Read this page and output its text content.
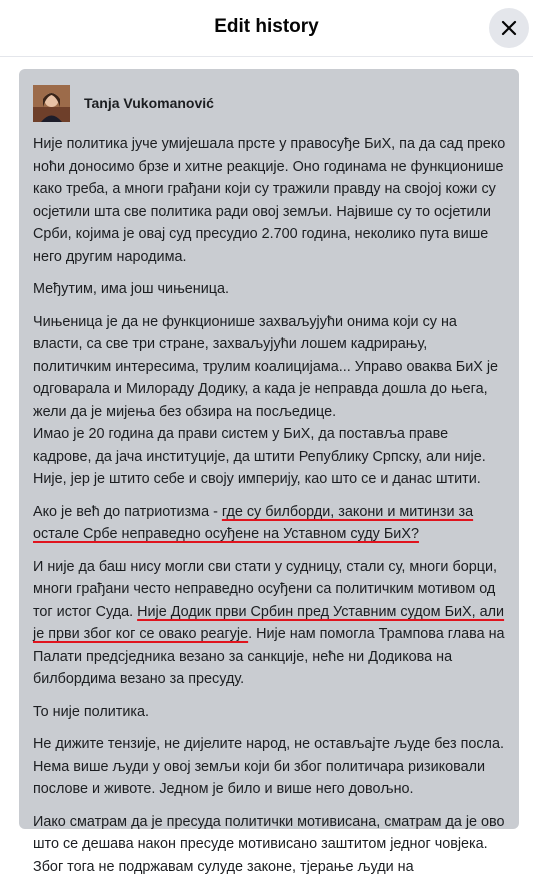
Edit history
Tanja Vukomanović

Није политика јуче умијешала прсте у правосуђе БиХ, па да сад преко ноћи доносимо брзе и хитне реакције. Оно годинама не функционише како треба, а многи грађани који су тражили правду на својој кожи су осјетили шта све политика ради овој земљи. Највише су то осјетили Срби, којима је овај суд пресудио 2.700 година, неколико пута више него другим народима.

Међутим, има још чињеница.

Чињеница је да не функционише захваљујући онима који су на власти, са све три стране, захваљујући лошем кадрирању, политичким интересима, трулим коалицијама... Управо оваква БиХ је одговарала и Милораду Додику, а када је неправда дошла до њега, жели да је мијења без обзира на посљедице.
Имао је 20 година да прави систем у БиХ, да поставља праве кадрове, да јача институције, да штити Републику Српску, али није. Није, јер је штито себе и своју империју, као што се и данас штити.

Ако је већ до патриотизма - где су билборди, закони и митинзи за остале Србе неправедно осуђене на Уставном суду БиХ?

И није да баш нису могли сви стати у судницу, стали су, многи борци, многи грађани често неправедно осуђени са политичким мотивом од тог истог Суда. Није Додик први Србин пред Уставним судом БиХ, али је први због ког се овако реагује. Није нам помогла Трампова глава на Палати предсједника везано за санкције, неће ни Додикова на билбордима везано за пресуду.

То није политика.

Не дижите тензије, не дијелите народ, не остављајте људе без посла. Нема више људи у овој земљи који би због политичара ризиковали послове и животе. Једном је било и више него довољно.

Иако сматрам да је пресуда политички мотивисана, сматрам да је ово што се дешава након пресуде мотивисано заштитом једног човјека. Због тога не подржавам сулуде законе, тјерање људи на
